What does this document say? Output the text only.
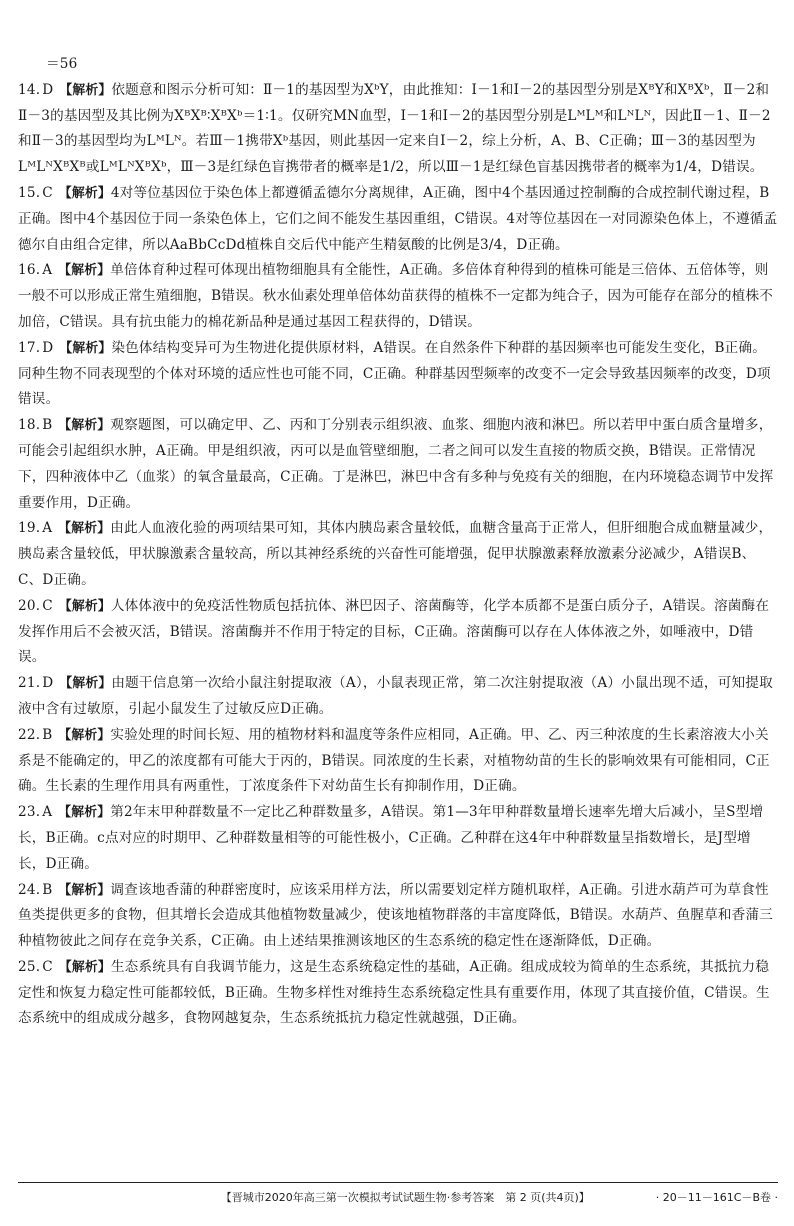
＝56

14. D 【解析】依题意和图示分析可知：Ⅱ－1的基因型为XᵇY，由此推知：Ⅰ－1和Ⅰ－2的基因型分别是XᴮY和XᴮXᵇ，Ⅱ－2和Ⅱ－3的基因型及其比例为XᴮXᴮ∶XᴮXᵇ＝1∶1。仅研究MN血型，Ⅰ－1和Ⅰ－2的基因型分别是LᴹLᴹ和LᴺLᴺ，因此Ⅱ－1、Ⅱ－2和Ⅱ－3的基因型均为LᴹLᴺ。若Ⅲ－1携带Xᵇ基因，则此基因一定来自Ⅰ－2，综上分析，A、B、C正确；Ⅲ－3的基因型为LᴹLᴺXᴮXᴮ或LᴹLᴺXᴮXᵇ，Ⅲ－3是红绿色盲携带者的概率是1/2，所以Ⅲ－1是红绿色盲基因携带者的概率为1/4，D错误。

15. C 【解析】4对等位基因位于染色体上都遵循孟德尔分离规律，A正确，图中4个基因通过控制酶的合成控制代谢过程，B正确。图中4个基因位于同一条染色体上，它们之间不能发生基因重组，C错误。4对等位基因在一对同源染色体上，不遵循孟德尔自由组合定律，所以AaBbCcDd植株自交后代中能产生精氨酸的比例是3/4，D正确。

16. A 【解析】单倍体育种过程可体现出植物细胞具有全能性，A正确。多倍体育种得到的植株可能是三倍体、五倍体等，则一般不可以形成正常生殖细胞，B错误。秋水仙素处理单倍体幼苗获得的植株不一定都为纯合子，因为可能存在部分的植株不加倍，C错误。具有抗虫能力的棉花新品种是通过基因工程获得的，D错误。

17. D 【解析】染色体结构变异可为生物进化提供原材料，A错误。在自然条件下种群的基因频率也可能发生变化，B正确。同种生物不同表现型的个体对环境的适应性也可能不同，C正确。种群基因型频率的改变不一定会导致基因频率的改变，D项错误。

18. B 【解析】观察题图，可以确定甲、乙、丙和丁分别表示组织液、血浆、细胞内液和淋巴。所以若甲中蛋白质含量增多，可能会引起组织水肿，A正确。甲是组织液，丙可以是血管壁细胞，二者之间可以发生直接的物质交换，B错误。正常情况下，四种液体中乙（血浆）的氧含量最高，C正确。丁是淋巴，淋巴中含有多种与免疫有关的细胞，在内环境稳态调节中发挥重要作用，D正确。

19. A 【解析】由此人血液化验的两项结果可知，其体内胰岛素含量较低，血糖含量高于正常人，但肝细胞合成血糖量减少，胰岛素含量较低，甲状腺激素含量较高，所以其神经系统的兴奋性可能增强，促甲状腺激素释放激素分泌减少，A错误B、C、D正确。

20. C 【解析】人体体液中的免疫活性物质包括抗体、淋巴因子、溶菌酶等，化学本质都不是蛋白质分子，A错误。溶菌酶在发挥作用后不会被灭活，B错误。溶菌酶并不作用于特定的目标，C正确。溶菌酶可以存在人体体液之外，如唾液中，D错误。

21. D 【解析】由题干信息第一次给小鼠注射提取液（A），小鼠表现正常，第二次注射提取液（A）小鼠出现不适，可知提取液中含有过敏原，引起小鼠发生了过敏反应D正确。

22. B 【解析】实验处理的时间长短、用的植物材料和温度等条件应相同，A正确。甲、乙、丙三种浓度的生长素溶液大小关系是不能确定的，甲乙的浓度都有可能大于丙的，B错误。同浓度的生长素，对植物幼苗的生长的影响效果有可能相同，C正确。生长素的生理作用具有两重性，丁浓度条件下对幼苗生长有抑制作用，D正确。

23. A 【解析】第2年末甲种群数量不一定比乙种群数量多，A错误。第1—3年甲种群数量增长速率先增大后减小，呈S型增长，B正确。c点对应的时期甲、乙种群数量相等的可能性极小，C正确。乙种群在这4年中种群数量呈指数增长，是J型增长，D正确。

24. B 【解析】调查该地香蒲的种群密度时，应该采用样方法，所以需要划定样方随机取样，A正确。引进水葫芦可为草食性鱼类提供更多的食物，但其增长会造成其他植物数量减少，使该地植物群落的丰富度降低，B错误。水葫芦、鱼腥草和香蒲三种植物彼此之间存在竞争关系，C正确。由上述结果推测该地区的生态系统的稳定性在逐渐降低，D正确。

25. C 【解析】生态系统具有自我调节能力，这是生态系统稳定性的基础，A正确。组成成较为简单的生态系统，其抵抗力稳定性和恢复力稳定性可能都较低，B正确。生物多样性对维持生态系统稳定性具有重要作用，体现了其直接价值，C错误。生态系统中的组成成分越多，食物网越复杂，生态系统抵抗力稳定性就越强，D正确。

【晋城市2020年高三第一次模拟考试试题生物·参考答案　第 2 页(共4页)】	· 20－11－161C－B卷 ·
